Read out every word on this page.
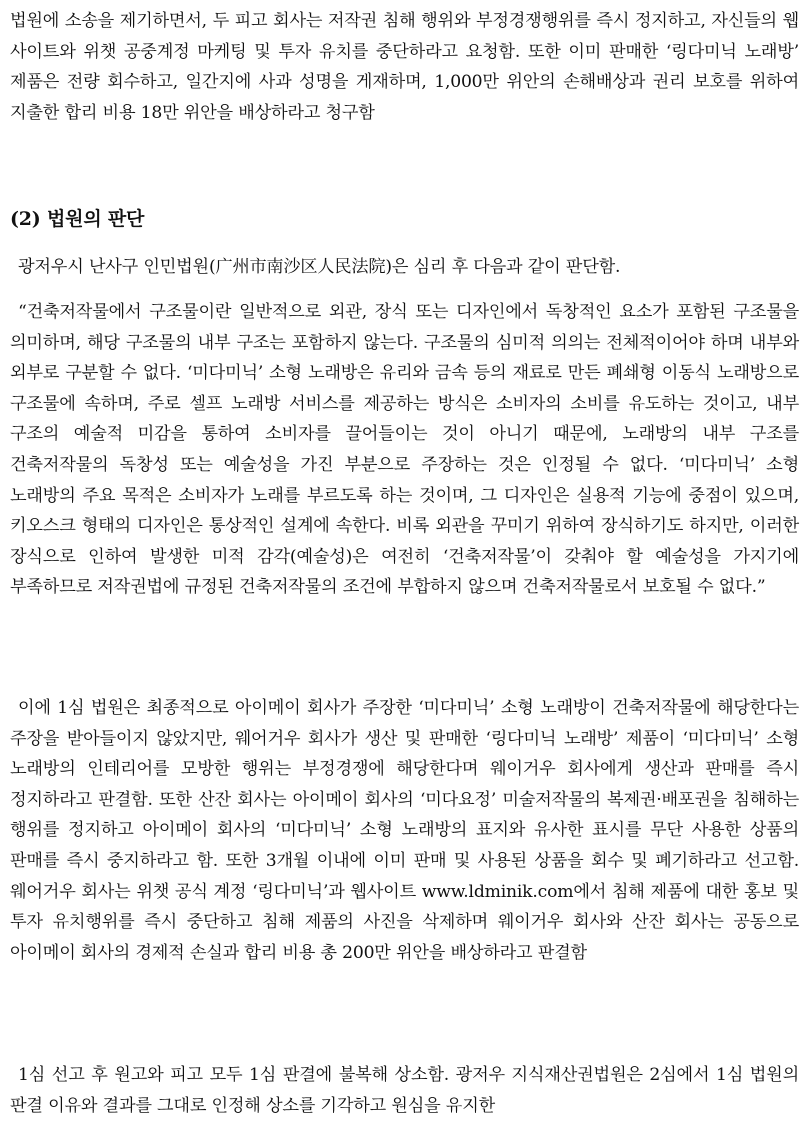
법원에 소송을 제기하면서, 두 피고 회사는 저작권 침해 행위와 부정경쟁행위를 즉시 정지하고, 자신들의 웹 사이트와 위챗 공중계정 마케팅 및 투자 유치를 중단하라고 요청함. 또한 이미 판매한 ‘링다미닉 노래방’ 제품은 전량 회수하고, 일간지에 사과 성명을 게재하며, 1,000만 위안의 손해배상과 권리 보호를 위하여 지출한 합리 비용 18만 위안을 배상하라고 청구함

(2) 법원의 판단

광저우시 난사구 인민법원(广州市南沙区人民法院)은 심리 후 다음과 같이 판단함.

“건축저작물에서 구조물이란 일반적으로 외관, 장식 또는 디자인에서 독창적인 요소가 포함된 구조물을 의미하며, 해당 구조물의 내부 구조는 포함하지 않는다. 구조물의 심미적 의의는 전체적이어야 하며 내부와 외부로 구분할 수 없다. ‘미다미닉’ 소형 노래방은 유리와 금속 등의 재료로 만든 폐쇄형 이동식 노래방으로 구조물에 속하며, 주로 셀프 노래방 서비스를 제공하는 방식은 소비자의 소비를 유도하는 것이고, 내부 구조의 예술적 미감을 통하여 소비자를 끌어들이는 것이 아니기 때문에, 노래방의 내부 구조를 건축저작물의 독창성 또는 예술성을 가진 부분으로 주장하는 것은 인정될 수 없다. ‘미다미닉’ 소형 노래방의 주요 목적은 소비자가 노래를 부르도록 하는 것이며, 그 디자인은 실용적 기능에 중점이 있으며, 키오스크 형태의 디자인은 통상적인 설계에 속한다. 비록 외관을 꾸미기 위하여 장식하기도 하지만, 이러한 장식으로 인하여 발생한 미적 감각(예술성)은 여전히 ‘건축저작물’이 갖춰야 할 예술성을 가지기에 부족하므로 저작권법에 규정된 건축저작물의 조건에 부합하지 않으며 건축저작물로서 보호될 수 없다.”

이에 1심 법원은 최종적으로 아이메이 회사가 주장한 ‘미다미닉’ 소형 노래방이 건축저작물에 해당한다는 주장을 받아들이지 않았지만, 웨어거우 회사가 생산 및 판매한 ‘링다미닉 노래방’ 제품이 ‘미다미닉’ 소형 노래방의 인테리어를 모방한 행위는 부정경쟁에 해당한다며 웨이거우 회사에게 생산과 판매를 즉시 정지하라고 판결함. 또한 산잔 회사는 아이메이 회사의 ‘미다요정’ 미술저작물의 복제권·배포권을 침해하는 행위를 정지하고 아이메이 회사의 ‘미다미닉’ 소형 노래방의 표지와 유사한 표시를 무단 사용한 상품의 판매를 즉시 중지하라고 함. 또한 3개월 이내에 이미 판매 및 사용된 상품을 회수 및 폐기하라고 선고함. 웨어거우 회사는 위챗 공식 계정 ‘링다미닉’과 웹사이트 www.ldminik.com에서 침해 제품에 대한 홍보 및 투자 유치행위를 즉시 중단하고 침해 제품의 사진을 삭제하며 웨이거우 회사와 산잔 회사는 공동으로 아이메이 회사의 경제적 손실과 합리 비용 총 200만 위안을 배상하라고 판결함

1심 선고 후 원고와 피고 모두 1심 판결에 불복해 상소함. 광저우 지식재산권법원은 2심에서 1심 법원의 판결 이유와 결과를 그대로 인정해 상소를 기각하고 원심을 유지한
